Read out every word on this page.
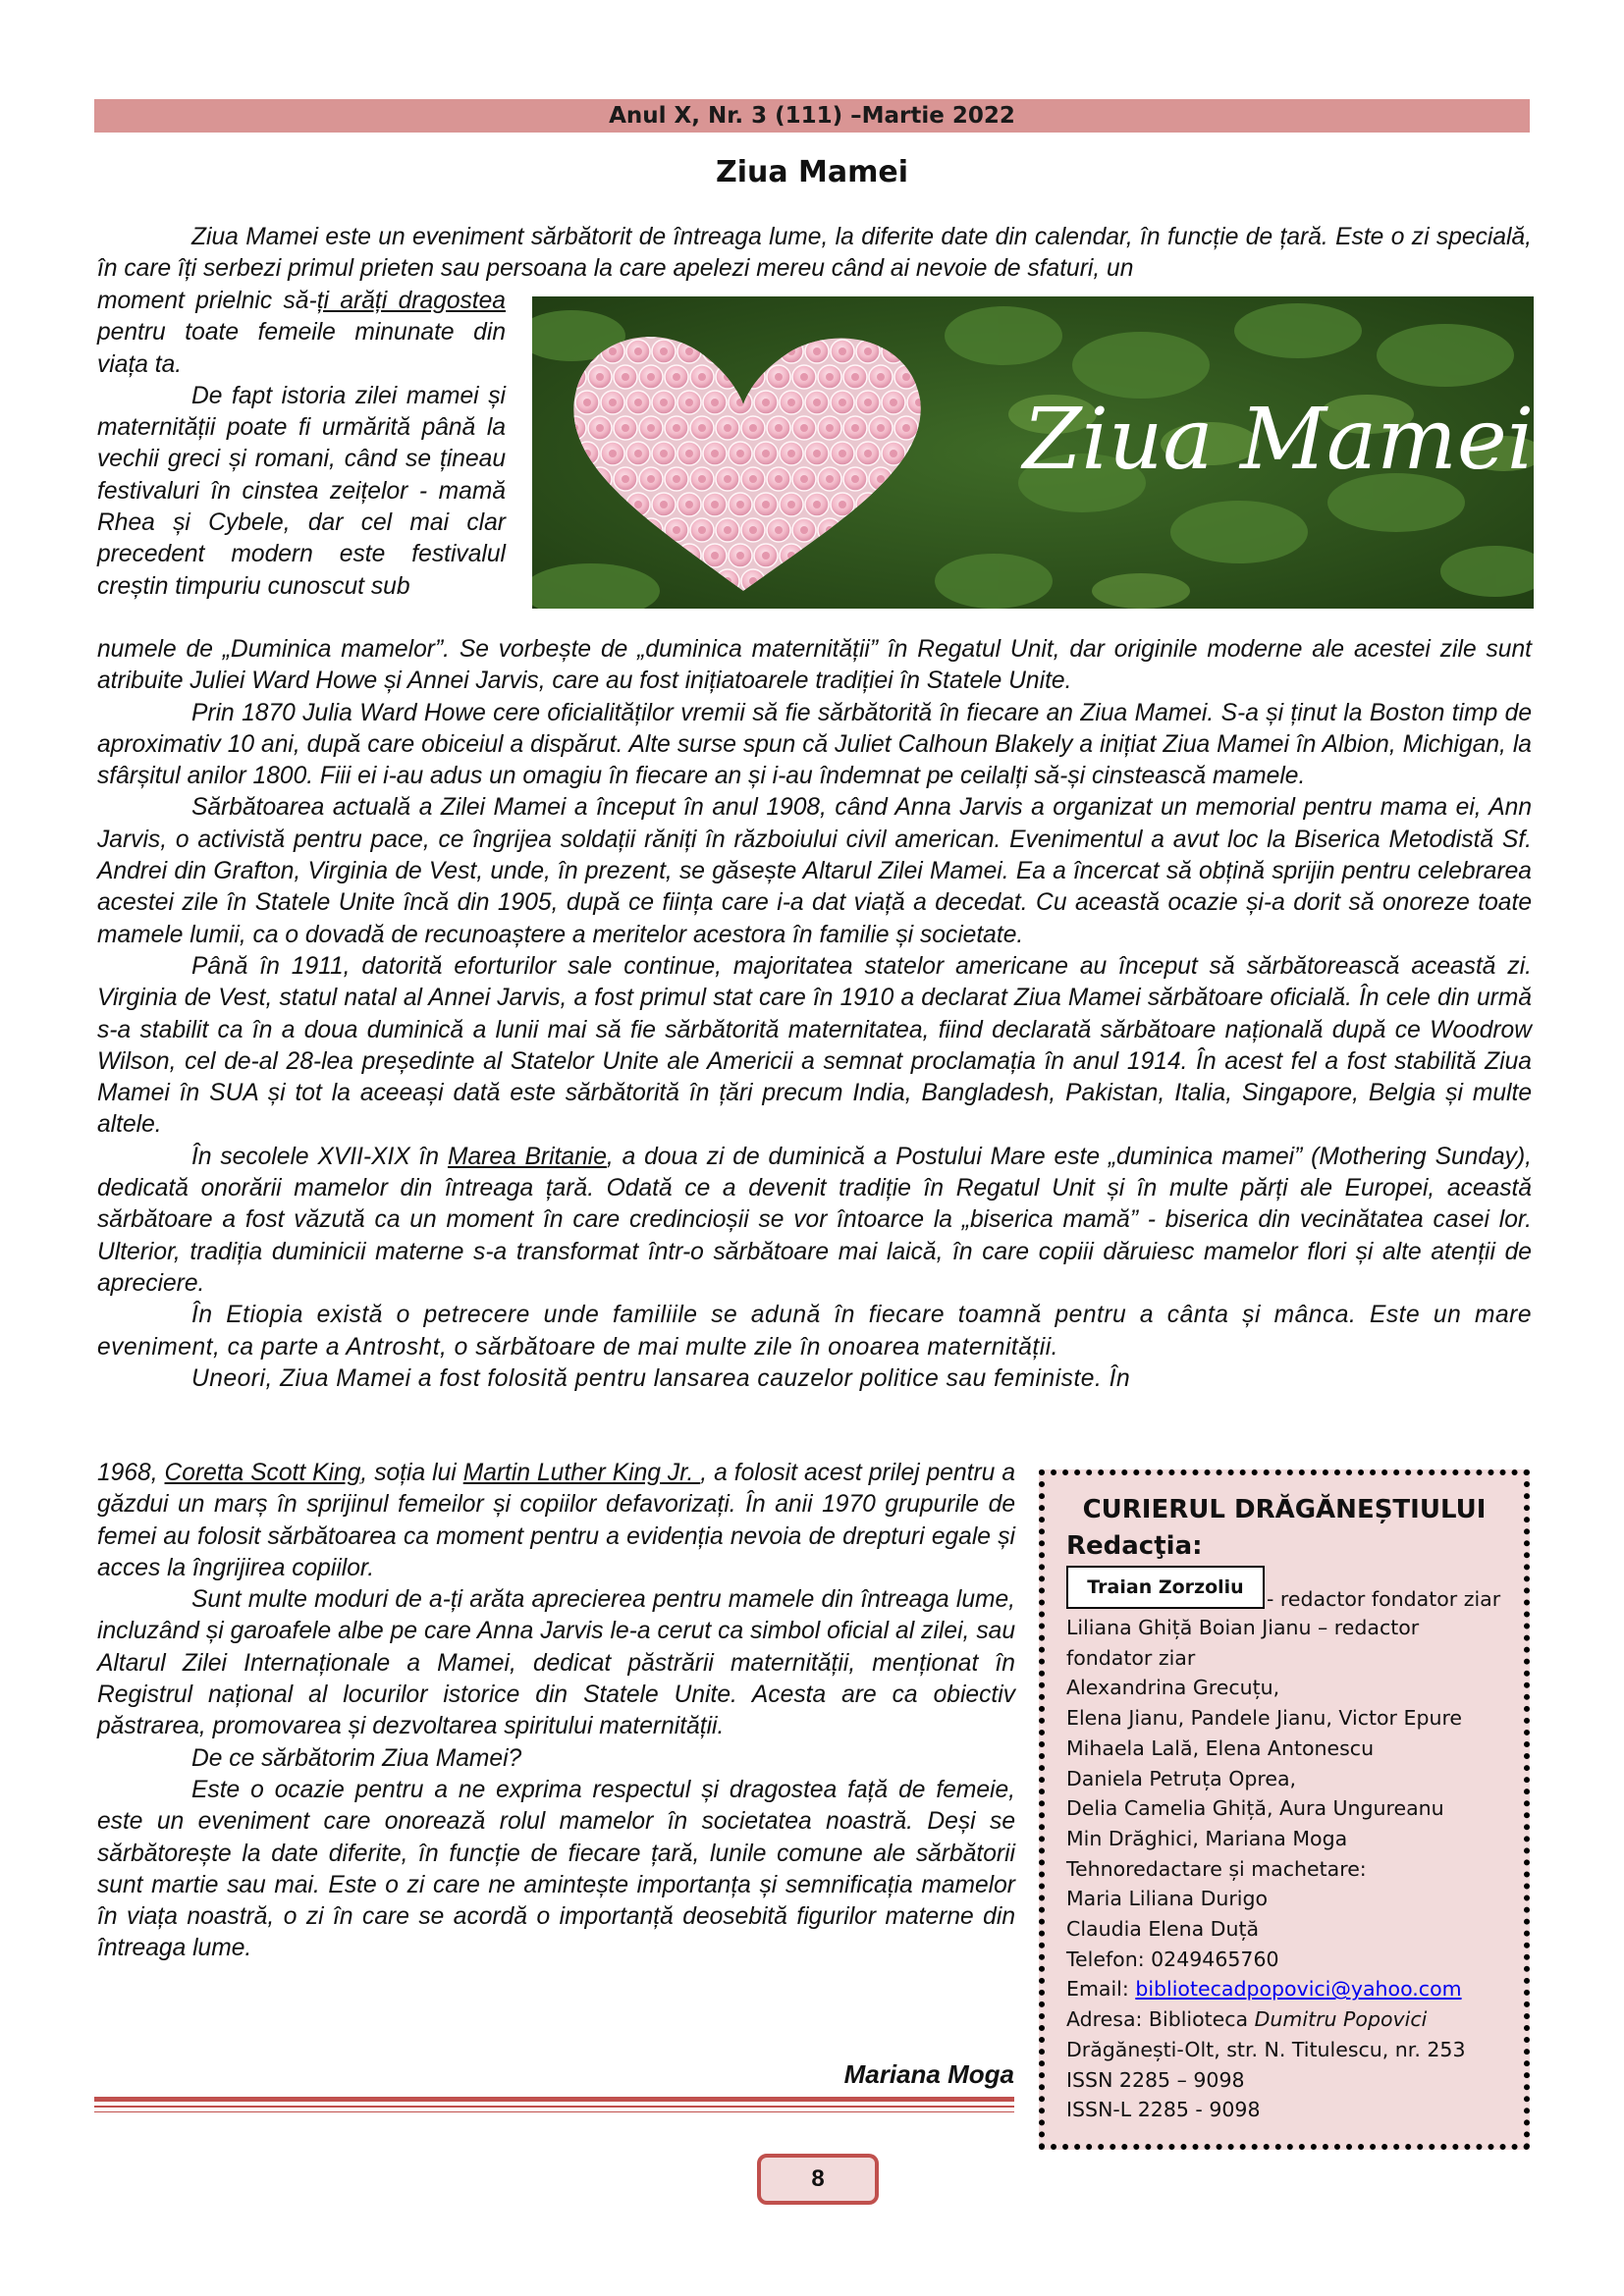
Anul X, Nr. 3 (111) –Martie 2022
Ziua Mamei

Ziua Mamei este un eveniment sărbătorit de întreaga lume, la diferite date din calendar, în funcție de țară. Este o zi specială, în care îți serbezi primul prieten sau persoana la care apelezi mereu când ai nevoie de sfaturi, un

moment prielnic să-ți arăți dragostea pentru toate femeile minunate din viața ta.

De fapt istoria zilei mamei și maternității poate fi urmărită până la vechii greci și romani, când se țineau festivaluri în cinstea zeițelor - mamă Rhea și Cybele, dar cel mai clar precedent modern este festivalul creștin timpuriu cunoscut sub

Ziua Mamei

numele de „Duminica mamelor”. Se vorbește de „duminica maternității” în Regatul Unit, dar originile moderne ale acestei zile sunt atribuite Juliei Ward Howe și Annei Jarvis, care au fost inițiatoarele tradiției în Statele Unite.

Prin 1870 Julia Ward Howe cere oficialităților vremii să fie sărbătorită în fiecare an Ziua Mamei. S-a și ținut la Boston timp de aproximativ 10 ani, după care obiceiul a dispărut. Alte surse spun că Juliet Calhoun Blakely a inițiat Ziua Mamei în Albion, Michigan, la sfârșitul anilor 1800. Fiii ei i-au adus un omagiu în fiecare an și i-au îndemnat pe ceilalți să-și cinstească mamele.

Sărbătoarea actuală a Zilei Mamei a început în anul 1908, când Anna Jarvis a organizat un memorial pentru mama ei, Ann Jarvis, o activistă pentru pace, ce îngrijea soldații răniți în războiului civil american. Evenimentul a avut loc la Biserica Metodistă Sf. Andrei din Grafton, Virginia de Vest, unde, în prezent, se găsește Altarul Zilei Mamei. Ea a încercat să obțină sprijin pentru celebrarea acestei zile în Statele Unite încă din 1905, după ce ființa care i-a dat viață a decedat. Cu această ocazie și-a dorit să onoreze toate mamele lumii, ca o dovadă de recunoaștere a meritelor acestora în familie și societate.

Până în 1911, datorită eforturilor sale continue, majoritatea statelor americane au început să sărbătorească această zi. Virginia de Vest, statul natal al Annei Jarvis, a fost primul stat care în 1910 a declarat Ziua Mamei sărbătoare oficială. În cele din urmă s-a stabilit ca în a doua duminică a lunii mai să fie sărbătorită maternitatea, fiind declarată sărbătoare națională după ce Woodrow Wilson, cel de-al 28-lea președinte al Statelor Unite ale Americii a semnat proclamația în anul 1914. În acest fel a fost stabilită Ziua Mamei în SUA și tot la aceeași dată este sărbătorită în țări precum India, Bangladesh, Pakistan, Italia, Singapore, Belgia și multe altele.

În secolele XVII-XIX în Marea Britanie, a doua zi de duminică a Postului Mare este „duminica mamei” (Mothering Sunday), dedicată onorării mamelor din întreaga țară. Odată ce a devenit tradiție în Regatul Unit și în multe părți ale Europei, această sărbătoare a fost văzută ca un moment în care credincioșii se vor întoarce la „biserica mamă” - biserica din vecinătatea casei lor. Ulterior, tradiția duminicii materne s-a transformat într-o sărbătoare mai laică, în care copiii dăruiesc mamelor flori și alte atenții de apreciere.

În Etiopia există o petrecere unde familiile se adună în fiecare toamnă pentru a cânta și mânca. Este un mare eveniment, ca parte a Antrosht, o sărbătoare de mai multe zile în onoarea maternității.

Uneori, Ziua Mamei a fost folosită pentru lansarea cauzelor politice sau feministe. În

1968, Coretta Scott King, soția lui Martin Luther King Jr. , a folosit acest prilej pentru a găzdui un marș în sprijinul femeilor și copiilor defavorizați. În anii 1970 grupurile de femei au folosit sărbătoarea ca moment pentru a evidenția nevoia de drepturi egale și acces la îngrijirea copiilor.

Sunt multe moduri de a-ți arăta aprecierea pentru mamele din întreaga lume, incluzând și garoafele albe pe care Anna Jarvis le-a cerut ca simbol oficial al zilei, sau Altarul Zilei Internaționale a Mamei, dedicat păstrării maternității, menționat în Registrul național al locurilor istorice din Statele Unite. Acesta are ca obiectiv păstrarea, promovarea și dezvoltarea spiritului maternității.

De ce sărbătorim Ziua Mamei?

Este o ocazie pentru a ne exprima respectul și dragostea față de femeie, este un eveniment care onorează rolul mamelor în societatea noastră. Deși se sărbătorește la date diferite, în funcție de fiecare țară, lunile comune ale sărbătorii sunt martie sau mai. Este o zi care ne amintește importanța și semnificația mamelor în viața noastră, o zi în care se acordă o importanță deosebită figurilor materne din întreaga lume.

Mariana Moga
CURIERUL DRĂGĂNEȘTIULUI
Redacţia:
Traian Zorzoliu	- redactor fondator ziar
Liliana Ghiță Boian Jianu – redactor
fondator ziar
Alexandrina Grecuțu,
Elena Jianu, Pandele Jianu, Victor Epure
Mihaela Lală, Elena Antonescu
Daniela Petruța Oprea,
Delia Camelia Ghiță, Aura Ungureanu
Min Drăghici, Mariana Moga
Tehnoredactare și machetare:
Maria Liliana Durigo
Claudia Elena Duță
Telefon: 0249465760
Email: bibliotecadpopovici@yahoo.com
Adresa: Biblioteca Dumitru Popovici
Drăgănești-Olt, str. N. Titulescu, nr. 253
ISSN 2285 – 9098
ISSN-L 2285 - 9098
8
